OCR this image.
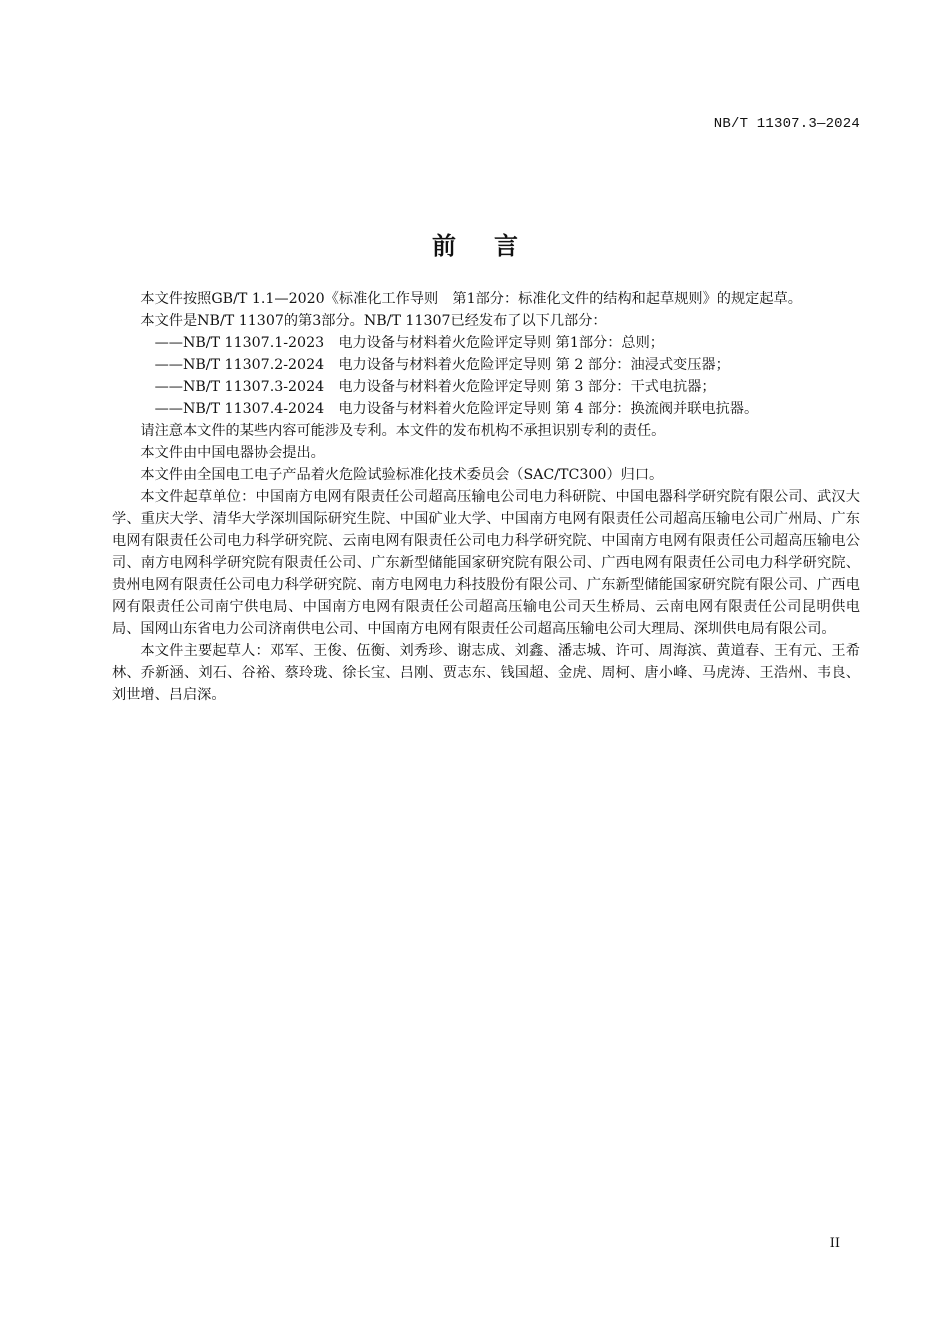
NB/T 11307.3—2024
前言

本文件按照GB/T 1.1—2020《标准化工作导则　第1部分：标准化文件的结构和起草规则》的规定起草。

本文件是NB/T 11307的第3部分。NB/T 11307已经发布了以下几部分：

——NB/T 11307.1-2023　电力设备与材料着火危险评定导则 第1部分：总则；

——NB/T 11307.2-2024　电力设备与材料着火危险评定导则 第 2 部分：油浸式变压器；

——NB/T 11307.3-2024　电力设备与材料着火危险评定导则 第 3 部分：干式电抗器；

——NB/T 11307.4-2024　电力设备与材料着火危险评定导则 第 4 部分：换流阀并联电抗器。

请注意本文件的某些内容可能涉及专利。本文件的发布机构不承担识别专利的责任。

本文件由中国电器协会提出。

本文件由全国电工电子产品着火危险试验标准化技术委员会（SAC/TC300）归口。

本文件起草单位：中国南方电网有限责任公司超高压输电公司电力科研院、中国电器科学研究院有限公司、武汉大学、重庆大学、清华大学深圳国际研究生院、中国矿业大学、中国南方电网有限责任公司超高压输电公司广州局、广东电网有限责任公司电力科学研究院、云南电网有限责任公司电力科学研究院、中国南方电网有限责任公司超高压输电公司、南方电网科学研究院有限责任公司、广东新型储能国家研究院有限公司、广西电网有限责任公司电力科学研究院、贵州电网有限责任公司电力科学研究院、南方电网电力科技股份有限公司、广东新型储能国家研究院有限公司、广西电网有限责任公司南宁供电局、中国南方电网有限责任公司超高压输电公司天生桥局、云南电网有限责任公司昆明供电局、国网山东省电力公司济南供电公司、中国南方电网有限责任公司超高压输电公司大理局、深圳供电局有限公司。

本文件主要起草人：邓军、王俊、伍衡、刘秀珍、谢志成、刘鑫、潘志城、许可、周海滨、黄道春、王有元、王希林、乔新涵、刘石、谷裕、蔡玲珑、徐长宝、吕刚、贾志东、钱国超、金虎、周柯、唐小峰、马虎涛、王浩州、韦良、刘世增、吕启深。

II
